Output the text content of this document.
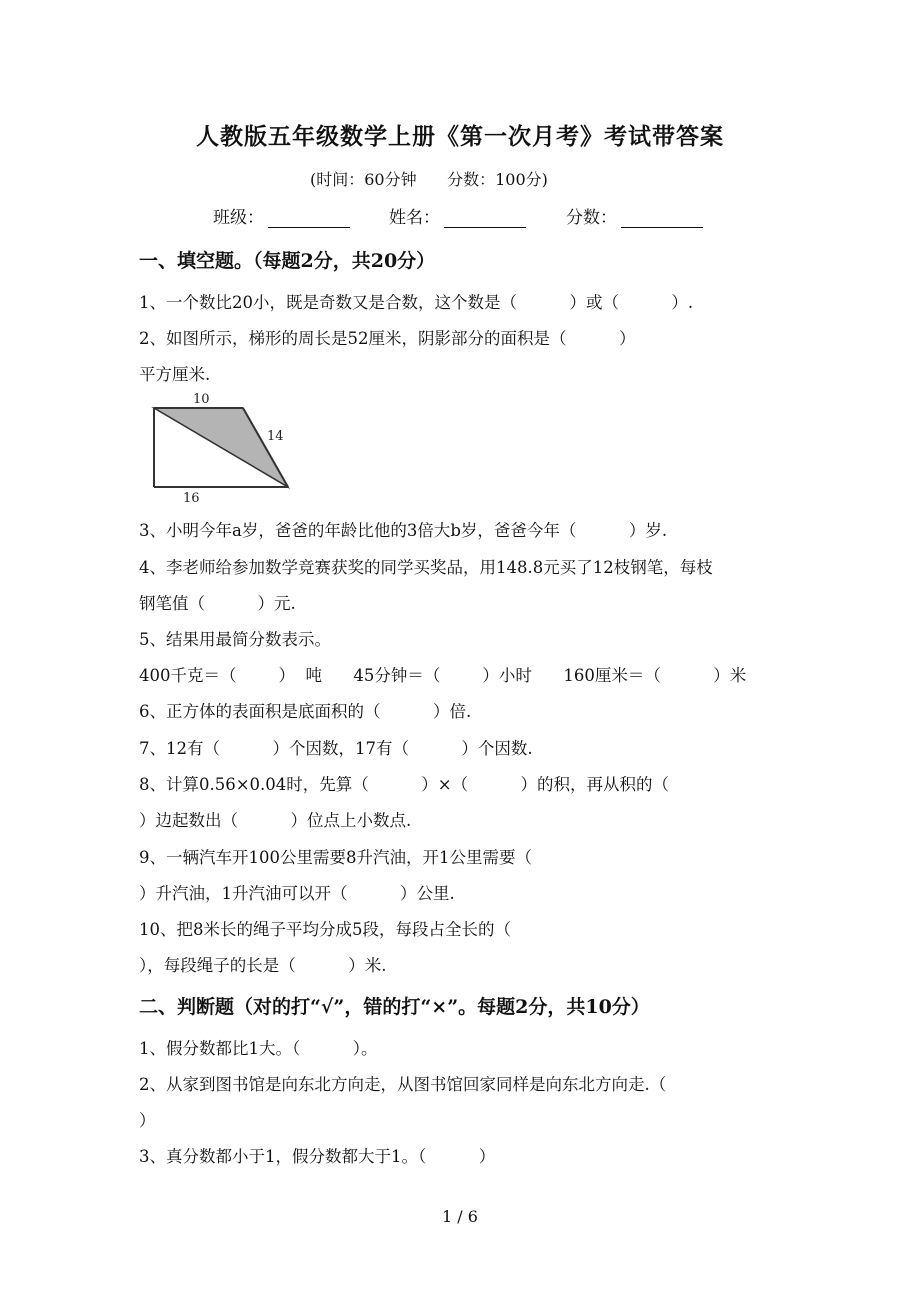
人教版五年级数学上册《第一次月考》考试带答案
(时间：60分钟      分数：100分)
班级：	姓名：	分数：
一、填空题。（每题2分，共20分）
1、一个数比20小，既是奇数又是合数，这个数是（          ）或（          ）.
2、如图所示，梯形的周长是52厘米，阴影部分的面积是（          ）
平方厘米.
10
14
16
3、小明今年a岁，爸爸的年龄比他的3倍大b岁，爸爸今年（          ）岁.
4、李老师给参加数学竞赛获奖的同学买奖品，用148.8元买了12枝钢笔，每枝
钢笔值（          ）元.
5、结果用最简分数表示。
400千克＝（        ）  吨      45分钟＝（        ）小时      160厘米＝（          ）米
6、正方体的表面积是底面积的（          ）倍.
7、12有（          ）个因数，17有（          ）个因数.
8、计算0.56×0.04时，先算（          ）×（          ）的积，再从积的（
）边起数出（          ）位点上小数点.
9、一辆汽车开100公里需要8升汽油，开1公里需要（
）升汽油，1升汽油可以开（          ）公里.
10、把8米长的绳子平均分成5段，每段占全长的（
），每段绳子的长是（          ）米.
二、判断题（对的打“√”，错的打“×”。每题2分，共10分）
1、假分数都比1大。（          ）。
2、从家到图书馆是向东北方向走，从图书馆回家同样是向东北方向走.（
）
3、真分数都小于1，假分数都大于1。（          ）
1 / 6
